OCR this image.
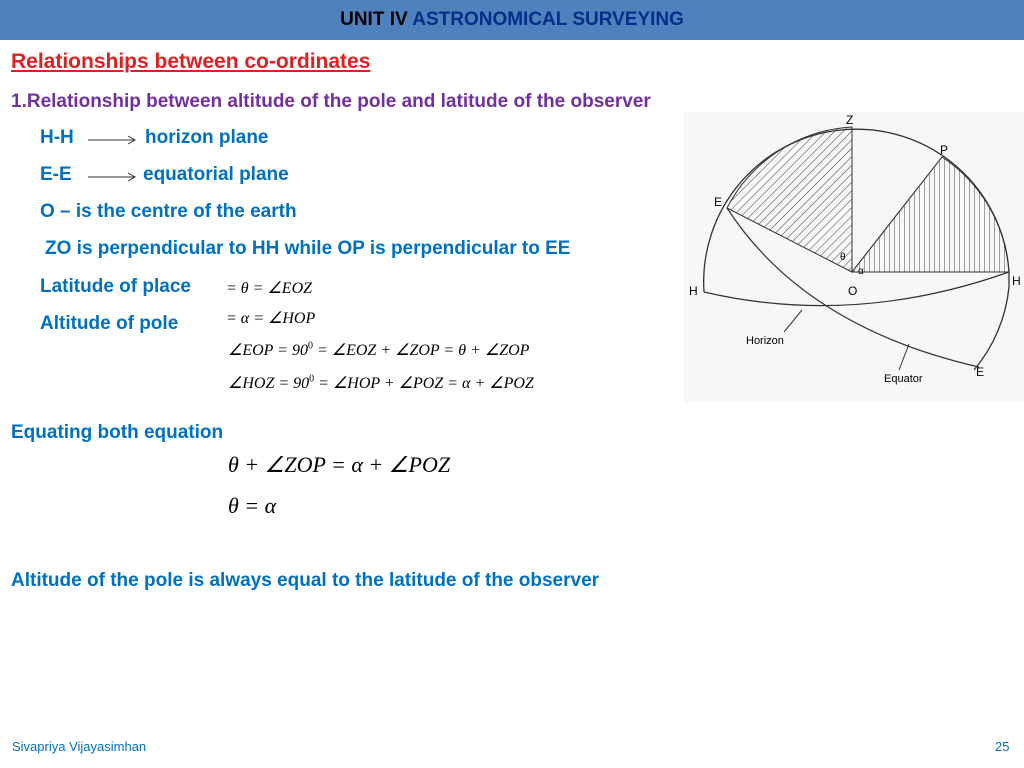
UNIT IV ASTRONOMICAL SURVEYING
Relationships between co-ordinates
1.Relationship between altitude of the pole and latitude of the observer
H-H	horizon plane
E-E	equatorial plane
O – is the centre of the earth
ZO is perpendicular to HH while OP is perpendicular to EE
Latitude of place = θ = ∠EOZ
Altitude of pole	= α = ∠HOP
∠EOP = $90^0$ = ∠EOZ + ∠ZOP = θ + ∠ZOP
∠HOZ = $90^0$ = ∠HOP + ∠POZ = α + ∠POZ
Equating both equation
θ + ∠ZOP = α + ∠POZ
θ = α
Altitude of the pole is always equal to the latitude of the observer
Z
P
E
H	O
H
E
θ
α
Horizon
Equator
Sivapriya Vijayasimhan	25
